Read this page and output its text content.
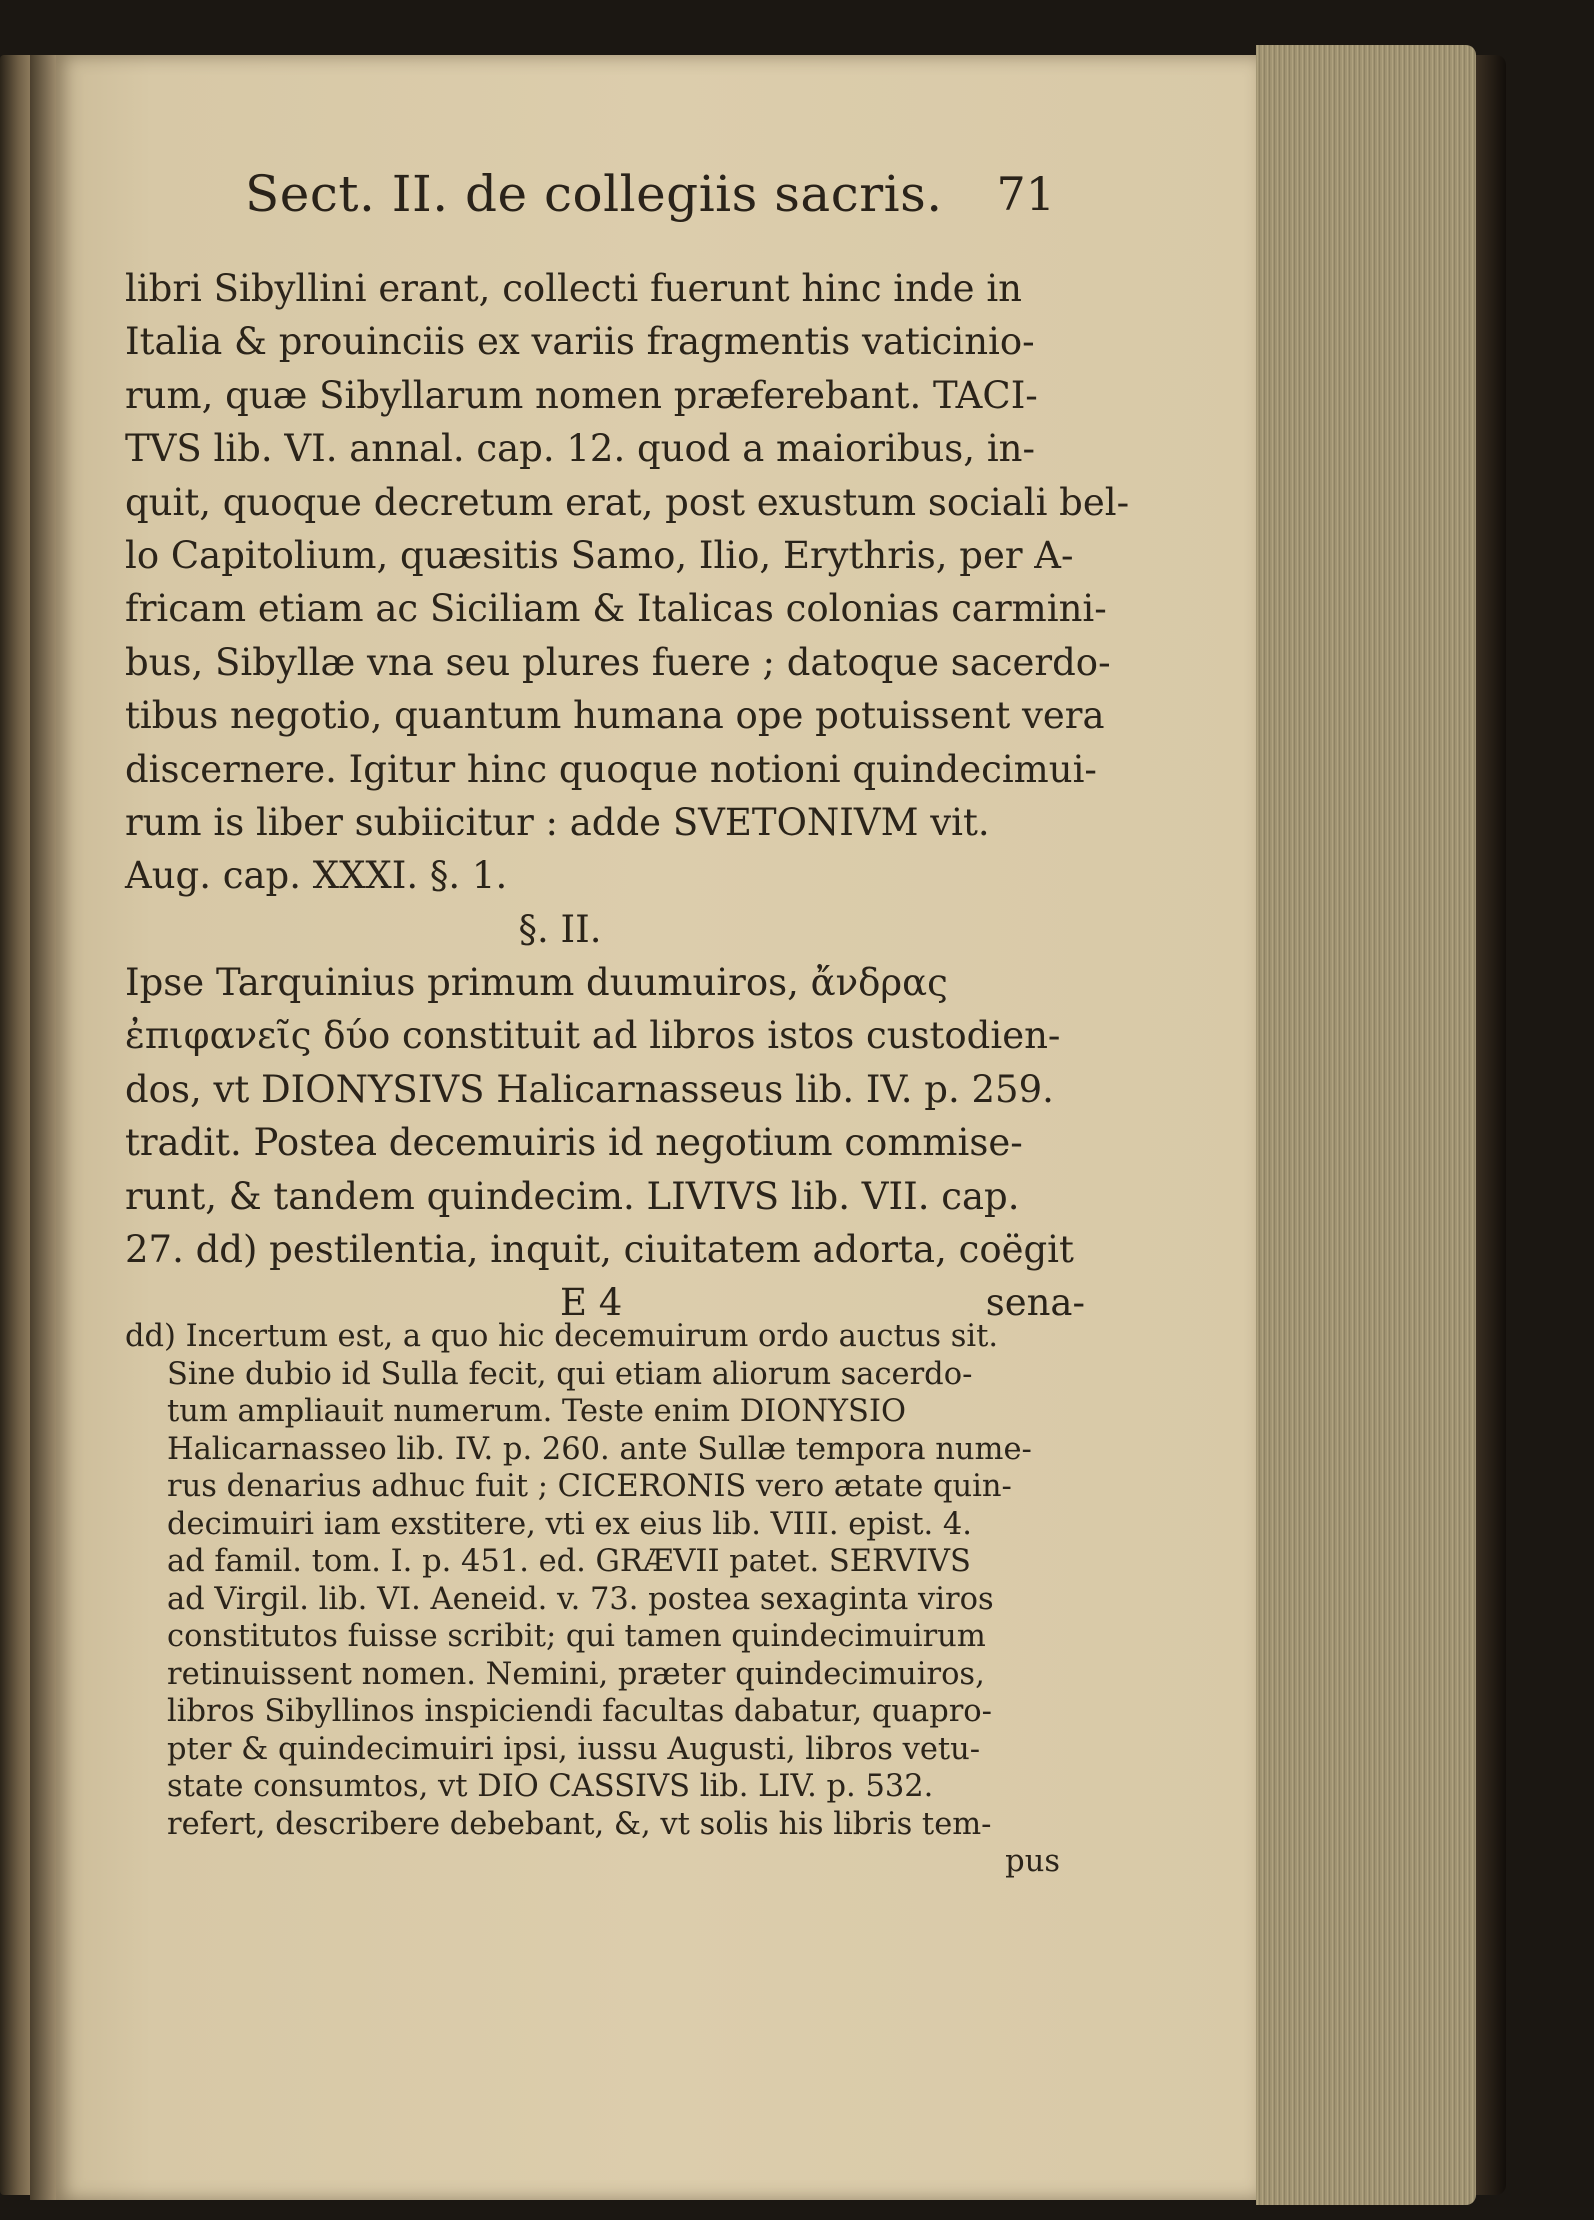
Sect. II. de collegiis sacris. 71
libri Sibyllini erant, collecti fuerunt hinc inde in
Italia & prouinciis ex variis fragmentis vaticinio-
rum, quæ Sibyllarum nomen præferebant. TACI-
TVS lib. VI. annal. cap. 12. quod a maioribus, in-
quit, quoque decretum erat, post exustum sociali bel-
lo Capitolium, quæsitis Samo, Ilio, Erythris, per A-
fricam etiam ac Siciliam & Italicas colonias carmini-
bus, Sibyllæ vna seu plures fuere ; datoque sacerdo-
tibus negotio, quantum humana ope potuissent vera
discernere. Igitur hinc quoque notioni quindecimui-
rum is liber subiicitur : adde SVETONIVM vit.
Aug. cap. XXXI. §. 1.
§. II.
Ipse Tarquinius primum duumuiros, ἄνδρας
ἐπιφανεῖς δύο constituit ad libros istos custodien-
dos, vt DIONYSIVS Halicarnasseus lib. IV. p. 259.
tradit. Postea decemuiris id negotium commise-
runt, & tandem quindecim. LIVIVS lib. VII. cap.
27. dd) pestilentia, inquit, ciuitatem adorta, coëgit
E 4	sena-
dd) Incertum est, a quo hic decemuirum ordo auctus sit.
Sine dubio id Sulla fecit, qui etiam aliorum sacerdo-
tum ampliauit numerum. Teste enim DIONYSIO
Halicarnasseo lib. IV. p. 260. ante Sullæ tempora nume-
rus denarius adhuc fuit ; CICERONIS vero ætate quin-
decimuiri iam exstitere, vti ex eius lib. VIII. epist. 4.
ad famil. tom. I. p. 451. ed. GRÆVII patet. SERVIVS
ad Virgil. lib. VI. Aeneid. v. 73. postea sexaginta viros
constitutos fuisse scribit; qui tamen quindecimuirum
retinuissent nomen. Nemini, præter quindecimuiros,
libros Sibyllinos inspiciendi facultas dabatur, quapro-
pter & quindecimuiri ipsi, iussu Augusti, libros vetu-
state consumtos, vt DIO CASSIVS lib. LIV. p. 532.
refert, describere debebant, &, vt solis his libris tem-
pus
